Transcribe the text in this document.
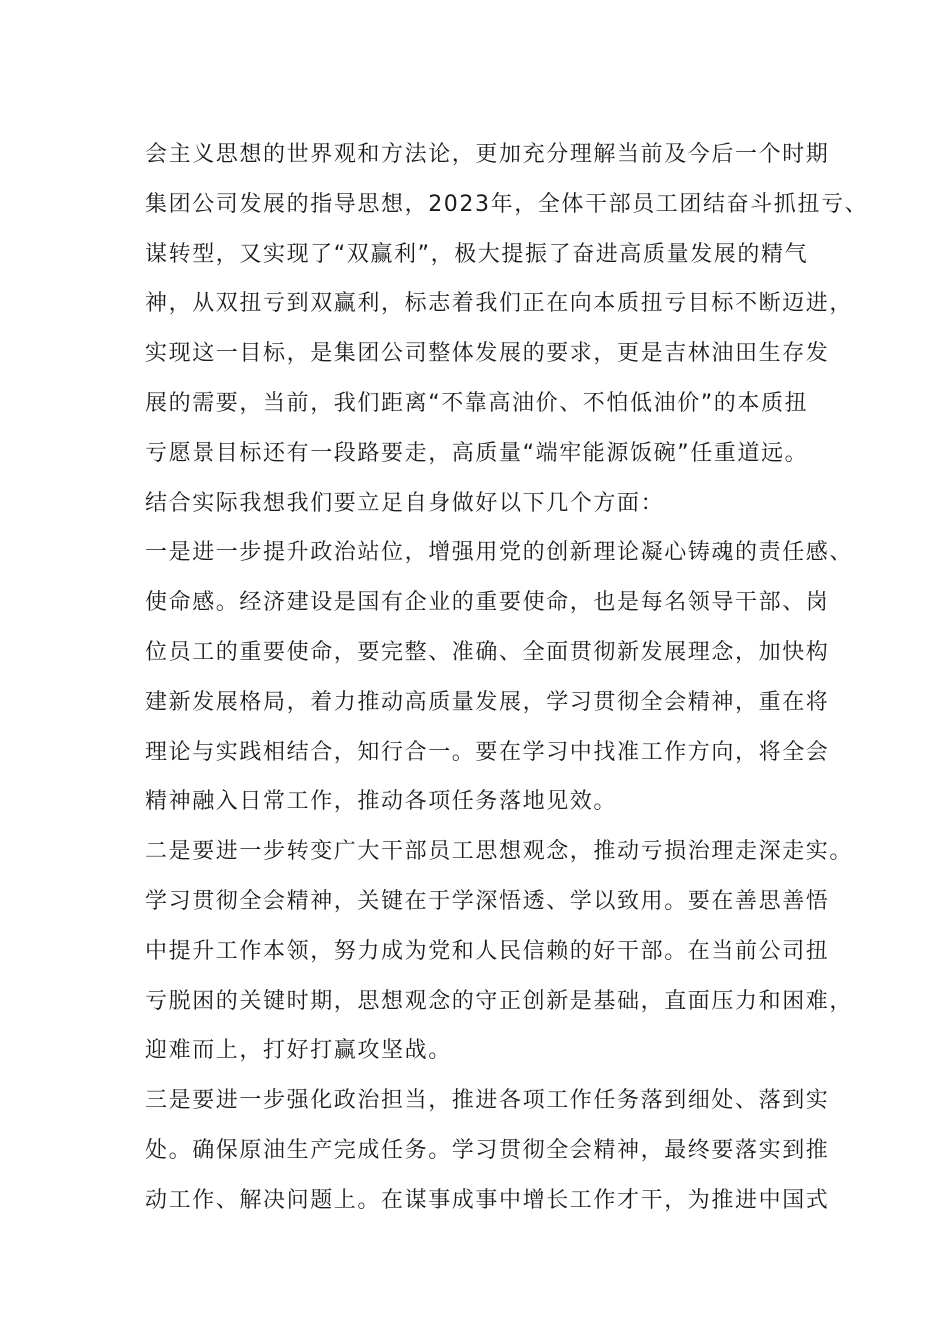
会主义思想的世界观和方法论，更加充分理解当前及今后一个时期
集团公司发展的指导思想，2023年，全体干部员工团结奋斗抓扭亏、
谋转型，又实现了“双赢利”，极大提振了奋进高质量发展的精气
神，从双扭亏到双赢利，标志着我们正在向本质扭亏目标不断迈进，
实现这一目标，是集团公司整体发展的要求，更是吉林油田生存发
展的需要，当前，我们距离“不靠高油价、不怕低油价”的本质扭
亏愿景目标还有一段路要走，高质量“端牢能源饭碗”任重道远。
结合实际我想我们要立足自身做好以下几个方面：
一是进一步提升政治站位，增强用党的创新理论凝心铸魂的责任感、
使命感。经济建设是国有企业的重要使命，也是每名领导干部、岗
位员工的重要使命，要完整、准确、全面贯彻新发展理念，加快构
建新发展格局，着力推动高质量发展，学习贯彻全会精神，重在将
理论与实践相结合，知行合一。要在学习中找准工作方向，将全会
精神融入日常工作，推动各项任务落地见效。
二是要进一步转变广大干部员工思想观念，推动亏损治理走深走实。
学习贯彻全会精神，关键在于学深悟透、学以致用。要在善思善悟
中提升工作本领，努力成为党和人民信赖的好干部。在当前公司扭
亏脱困的关键时期，思想观念的守正创新是基础，直面压力和困难，
迎难而上，打好打赢攻坚战。
三是要进一步强化政治担当，推进各项工作任务落到细处、落到实
处。确保原油生产完成任务。学习贯彻全会精神，最终要落实到推
动工作、解决问题上。在谋事成事中增长工作才干，为推进中国式
